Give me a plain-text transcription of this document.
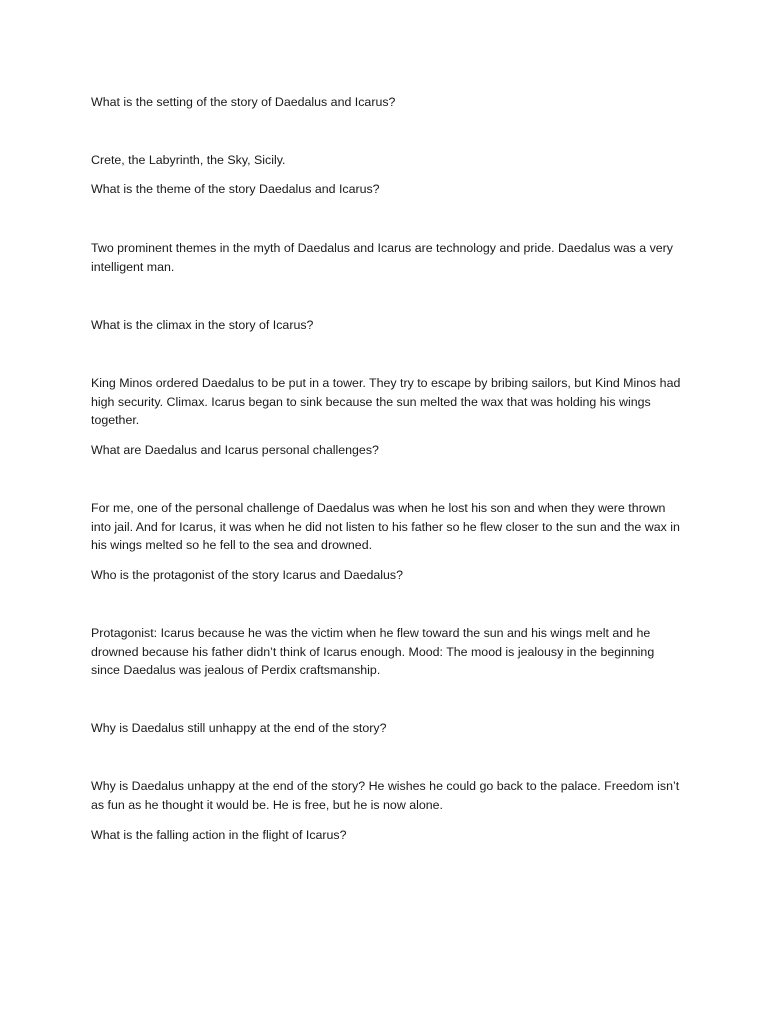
What is the setting of the story of Daedalus and Icarus?

Crete, the Labyrinth, the Sky, Sicily.

What is the theme of the story Daedalus and Icarus?

Two prominent themes in the myth of Daedalus and Icarus are technology and pride. Daedalus was a very intelligent man.

What is the climax in the story of Icarus?

King Minos ordered Daedalus to be put in a tower. They try to escape by bribing sailors, but Kind Minos had high security. Climax. Icarus began to sink because the sun melted the wax that was holding his wings together.

What are Daedalus and Icarus personal challenges?

For me, one of the personal challenge of Daedalus was when he lost his son and when they were thrown into jail. And for Icarus, it was when he did not listen to his father so he flew closer to the sun and the wax in his wings melted so he fell to the sea and drowned.

Who is the protagonist of the story Icarus and Daedalus?

Protagonist: Icarus because he was the victim when he flew toward the sun and his wings melt and he drowned because his father didn’t think of Icarus enough. Mood: The mood is jealousy in the beginning since Daedalus was jealous of Perdix craftsmanship.

Why is Daedalus still unhappy at the end of the story?

Why is Daedalus unhappy at the end of the story? He wishes he could go back to the palace. Freedom isn’t as fun as he thought it would be. He is free, but he is now alone.

What is the falling action in the flight of Icarus?
